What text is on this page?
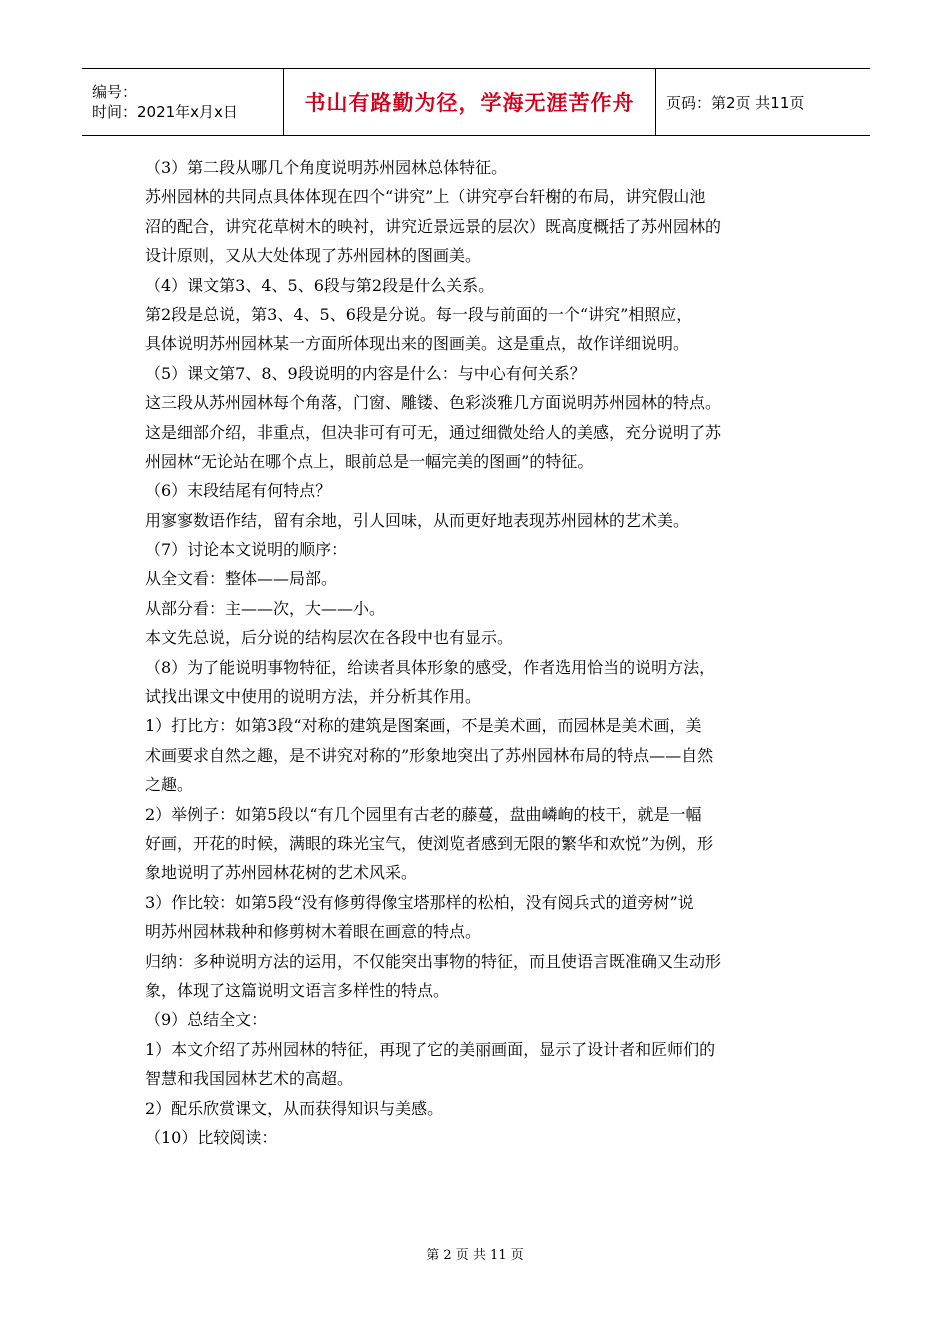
编号：
时间：2021年x月x日	书山有路勤为径，学海无涯苦作舟 页码：第2页 共11页
（3）第二段从哪几个角度说明苏州园林总体特征。
苏州园林的共同点具体体现在四个“讲究”上（讲究亭台轩榭的布局，讲究假山池
沼的配合，讲究花草树木的映衬，讲究近景远景的层次）既高度概括了苏州园林的
设计原则，又从大处体现了苏州园林的图画美。
（4）课文第3、4、5、6段与第2段是什么关系。
第2段是总说，第3、4、5、6段是分说。每一段与前面的一个“讲究”相照应，
具体说明苏州园林某一方面所体现出来的图画美。这是重点，故作详细说明。
（5）课文第7、8、9段说明的内容是什么：与中心有何关系？
这三段从苏州园林每个角落，门窗、雕镂、色彩淡雅几方面说明苏州园林的特点。
这是细部介绍，非重点，但决非可有可无，通过细微处给人的美感，充分说明了苏
州园林“无论站在哪个点上，眼前总是一幅完美的图画”的特征。
（6）末段结尾有何特点？
用寥寥数语作结，留有余地，引人回味，从而更好地表现苏州园林的艺术美。
（7）讨论本文说明的顺序：
从全文看：整体——局部。
从部分看：主——次，大——小。
本文先总说，后分说的结构层次在各段中也有显示。
（8）为了能说明事物特征，给读者具体形象的感受，作者选用恰当的说明方法，
试找出课文中使用的说明方法，并分析其作用。
1）打比方：如第3段“对称的建筑是图案画，不是美术画，而园林是美术画，美
术画要求自然之趣，是不讲究对称的”形象地突出了苏州园林布局的特点——自然
之趣。
2）举例子：如第5段以“有几个园里有古老的藤蔓，盘曲嶙峋的枝干，就是一幅
好画，开花的时候，满眼的珠光宝气，使浏览者感到无限的繁华和欢悦”为例，形
象地说明了苏州园林花树的艺术风采。
3）作比较：如第5段“没有修剪得像宝塔那样的松柏，没有阅兵式的道旁树”说
明苏州园林栽种和修剪树木着眼在画意的特点。
归纳：多种说明方法的运用，不仅能突出事物的特征，而且使语言既准确又生动形
象，体现了这篇说明文语言多样性的特点。
（9）总结全文：
1）本文介绍了苏州园林的特征，再现了它的美丽画面，显示了设计者和匠师们的
智慧和我国园林艺术的高超。
2）配乐欣赏课文，从而获得知识与美感。
（10）比较阅读：
第 2 页 共 11 页
